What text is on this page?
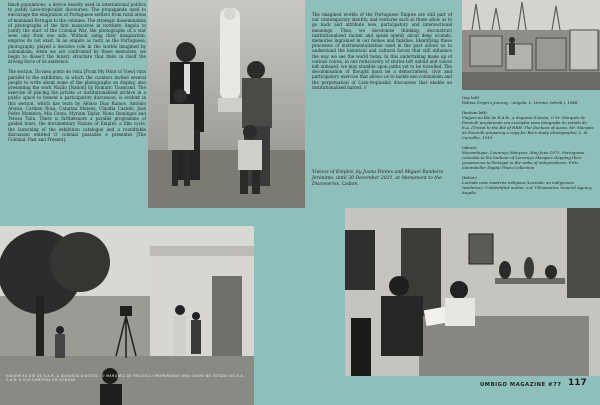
black populations, a device heavily used in international politics to justify Luso-tropicalist discourses. The propaganda used to encourage the emigration of Portuguese settlers from rural areas of mainland Portugal to the colonies. The strategic dissemination of photographs of the first massacres in northern Angola to justify the start of the Colonial War, the photographs of a war seen only from one side. Without using their imagination, empires do not exist. In an empire as tasty as the Portuguese, photography played a decisive role in the worlds imagined by colonialism; when we are confronted by these memories, we begin to dissect the binary structure that finds in itself the driving force of its existence.

The section, Do meu ponto de vista [From My Point of View] runs parallel to the exhibition, in which the curators invited several people to write about some of the photographs on display, also presenting the work Nação [Nation] by Romaric Tisserand. The exercise of placing the private or institutionalised archive in a public space to foment a participatory discussion, is evident in this section, which has texts by Afonso Dias Ramos, António Afonso, Carmen Rosa, Catarina Mateus, Cláudia Castelo, José Pedro Monteiro, Mia Couto, Myriam Taylor, Nuno Domingos and Teresa Tizin. There is furthermore a parallel programme of guided tours, the documentary Visions of Empire, a film cycle, the launching of the exhibition catalogue and a roundtable discussion entitled O colonial passados e presentes [The Colonial: Past and Present].

The imagined worlds of the Portuguese Empire are still part of our contemporary identity, and ventures such as these allow us to go back and attribute new, participatory and intersectional meanings. Thus, we decolonise thinking, deconstruct institutionalised racism and speak openly about deep wounds, memories ingrained in our homes and families. Identifying these processes of instrumentalisation used in the past allows us to understand the historical and cultural forces that still influence the way we see the world today. In this undertaking made up of various voices, in our rediscovery of stories left untold and voices left unheard, we may stumble upon paths yet to be travelled. The decolonisation of thought must be a democratised, civic and participatory exercise that allows us to tackle neo-colonialism and the perpetuation of Luso-tropicalist discourses that enable an institutionalised hatred. //

Visions of Empire, by Joana Pontes and Miguel Bandeira Jerónimo, until 30 December 2021, at Monument to the Discoveries, Lisbon.
(top left)
Fátima Virgin's journey – Angola. L. Vermez (attrib.), 1948
(bottom left)
Viagem ao Bié de E.A.B., a duquesa d'Aosta. O Sr. Marquês de Pacciolli preparando um exemplar para fotografia do estado do E.A. (Travel to the Bié of HRH. The Duchess of Aosta. Mr. Marquis de Pacciolli preparing a copy for Bié's study photographs). L. B. Carvalho, 1919
(above)
Moçambique, Lourenço Marques, May-June 1975. Portuguese colonists in the harbour of Lourenço Marques shipping their possessions to Portugal in the wake of independence. Fritz Sinninbeller Digital Photo Collection
(below)
Lucinda casa moderna indígena (Lucinda: an indigenous residence). Unidentified author. n.d. Ultramarine General Agency Angola
VIAGEM AO BIÉ DE S.A.R. A DUQUEZA D'AOSTA - O MARQUEZ DE PACCIOLLI PREPARANDO UMA CHAPA NO ESTADO DO E.A. S.A.R. E SUA COMITIVA EM GONGAS
UMBIGO MAGAZINE #77 117
